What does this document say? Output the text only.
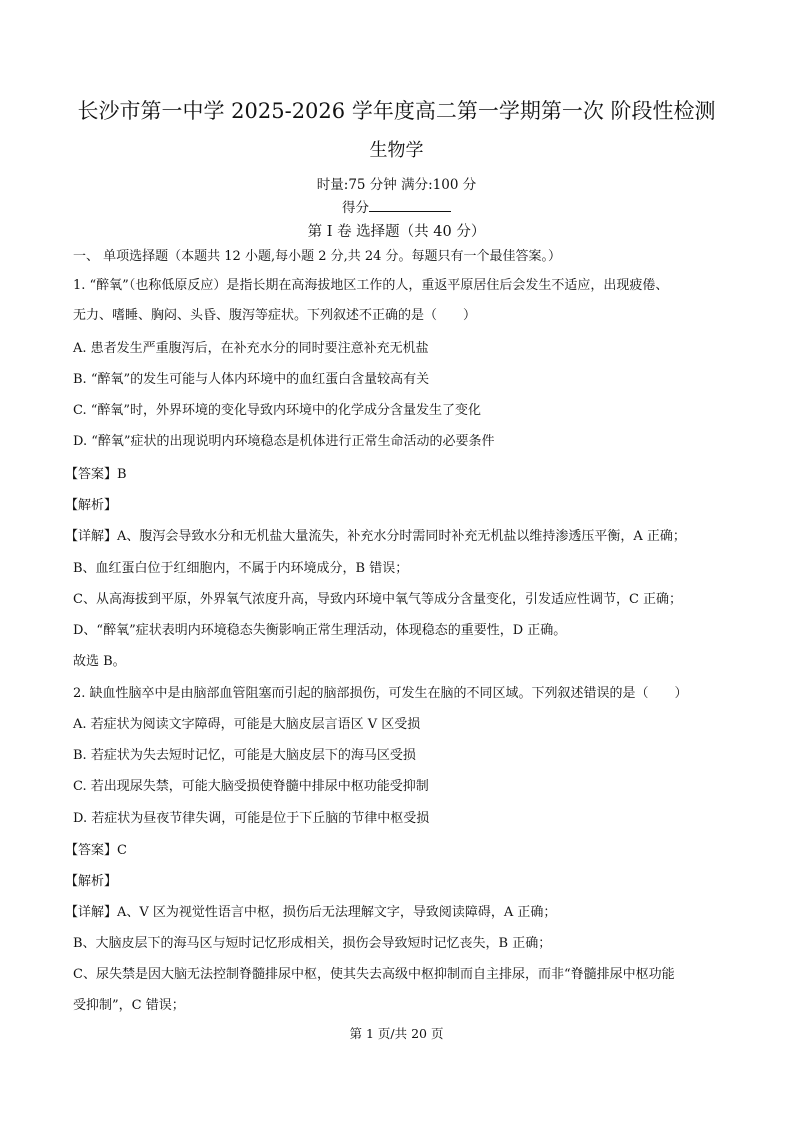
长沙市第一中学 2025-2026 学年度高二第一学期第一次 阶段性检测
生物学
时量:75 分钟 满分:100 分
得分
第 I 卷 选择题（共 40 分）
一、 单项选择题（本题共 12 小题,每小题 2 分,共 24 分。每题只有一个最佳答案。）
1. “醉氧”（也称低原反应）是指长期在高海拔地区工作的人，重返平原居住后会发生不适应，出现疲倦、
无力、嗜睡、胸闷、头昏、腹泻等症状。下列叙述不正确的是（　　）
A. 患者发生严重腹泻后，在补充水分的同时要注意补充无机盐
B. “醉氧”的发生可能与人体内环境中的血红蛋白含量较高有关
C. “醉氧”时，外界环境的变化导致内环境中的化学成分含量发生了变化
D. “醉氧”症状的出现说明内环境稳态是机体进行正常生命活动的必要条件
【答案】B
【解析】
【详解】A、腹泻会导致水分和无机盐大量流失，补充水分时需同时补充无机盐以维持渗透压平衡，A 正确；
B、血红蛋白位于红细胞内，不属于内环境成分，B 错误；
C、从高海拔到平原，外界氧气浓度升高，导致内环境中氧气等成分含量变化，引发适应性调节，C 正确；
D、“醉氧”症状表明内环境稳态失衡影响正常生理活动，体现稳态的重要性，D 正确。
故选 B。
2. 缺血性脑卒中是由脑部血管阻塞而引起的脑部损伤，可发生在脑的不同区域。下列叙述错误的是（　　）
A. 若症状为阅读文字障碍，可能是大脑皮层言语区 V 区受损
B. 若症状为失去短时记忆，可能是大脑皮层下的海马区受损
C. 若出现尿失禁，可能大脑受损使脊髓中排尿中枢功能受抑制
D. 若症状为昼夜节律失调，可能是位于下丘脑的节律中枢受损
【答案】C
【解析】
【详解】A、V 区为视觉性语言中枢，损伤后无法理解文字，导致阅读障碍，A 正确；
B、大脑皮层下的海马区与短时记忆形成相关，损伤会导致短时记忆丧失，B 正确；
C、尿失禁是因大脑无法控制脊髓排尿中枢，使其失去高级中枢抑制而自主排尿，而非“脊髓排尿中枢功能
受抑制”，C 错误；
第 1 页/共 20 页
